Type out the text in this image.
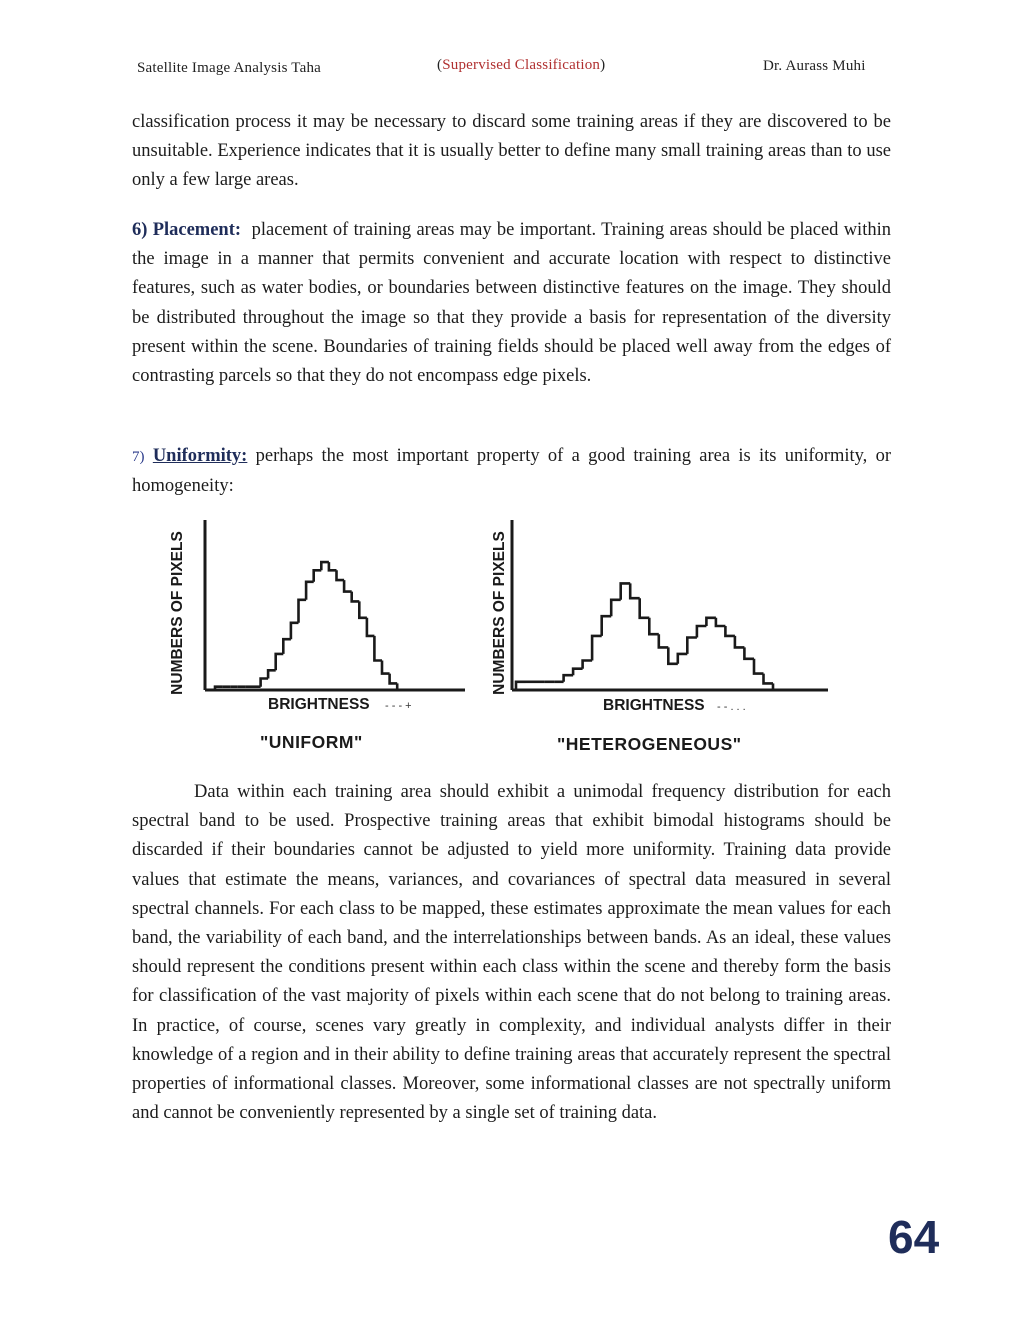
Satellite Image Analysis Taha	(Supervised Classification)	Dr. Aurass Muhi

classification process it may be necessary to discard some training areas if they are discovered to be unsuitable. Experience indicates that it is usually better to define many small training areas than to use only a few large areas.

6) Placement: placement of training areas may be important. Training areas should be placed within the image in a manner that permits convenient and accurate location with respect to distinctive features, such as water bodies, or boundaries between distinctive features on the image. They should be distributed throughout the image so that they provide a basis for representation of the diversity present within the scene. Boundaries of training fields should be placed well away from the edges of contrasting parcels so that they do not encompass edge pixels.

7) Uniformity: perhaps the most important property of a good training area is its uniformity, or homogeneity:

NUMBERS OF PIXELS
BRIGHTNESS - - - +
"UNIFORM"
NUMBERS OF PIXELS
BRIGHTNESS - - . . .
"HETEROGENEOUS"

Data within each training area should exhibit a unimodal frequency distribution for each spectral band to be used. Prospective training areas that exhibit bimodal histograms should be discarded if their boundaries cannot be adjusted to yield more uniformity. Training data provide values that estimate the means, variances, and covariances of spectral data measured in several spectral channels. For each class to be mapped, these estimates approximate the mean values for each band, the variability of each band, and the interrelationships between bands. As an ideal, these values should represent the conditions present within each class within the scene and thereby form the basis for classification of the vast majority of pixels within each scene that do not belong to training areas. In practice, of course, scenes vary greatly in complexity, and individual analysts differ in their knowledge of a region and in their ability to define training areas that accurately represent the spectral properties of informational classes. Moreover, some informational classes are not spectrally uniform and cannot be conveniently represented by a single set of training data.

64
